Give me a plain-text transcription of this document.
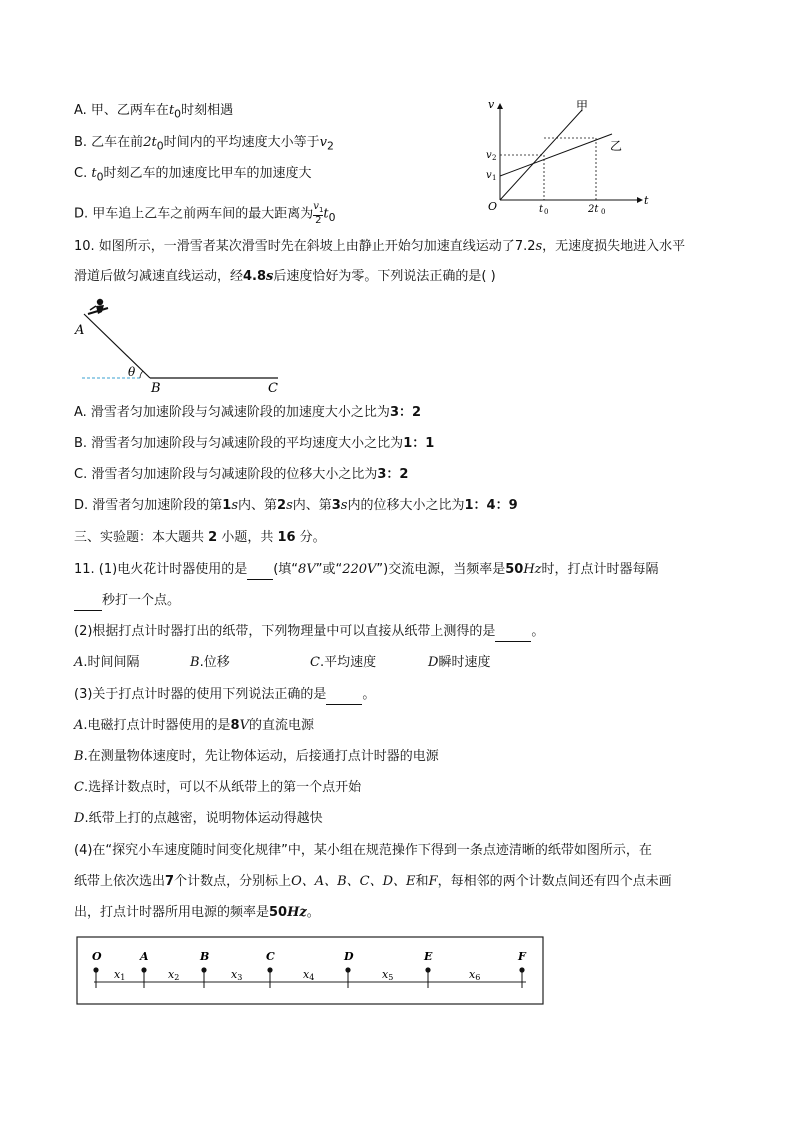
A. 甲、乙两车在$t_0$时刻相遇
B. 乙车在前$2t_0$时间内的平均速度大小等于$v_2$
C. $t_0$时刻乙车的加速度比甲车的加速度大
D. 甲车追上乙车之前两车间的最大距离为 $\frac{v_1}{2} t_0$
v
t
O
甲
乙
v 2
v 1
t 0	2t 0
10. 如图所示，一滑雪者某次滑雪时先在斜坡上由静止开始匀加速直线运动了7.2s，无速度损失地进入水平
滑道后做匀减速直线运动，经4.8s后速度恰好为零。下列说法正确的是( )
A
B	C
θ
A. 滑雪者匀加速阶段与匀减速阶段的加速度大小之比为3：2
B. 滑雪者匀加速阶段与匀减速阶段的平均速度大小之比为1：1
C. 滑雪者匀加速阶段与匀减速阶段的位移大小之比为3：2
D. 滑雪者匀加速阶段的第1s内、第2s内、第3s内的位移大小之比为1：4：9
三、实验题：本大题共 2 小题，共 16 分。
11. (1)电火花计时器使用的是 (填“8V”或“220V”)交流电源，当频率是50Hz时，打点计时器每隔
秒打一个点。
(2)根据打点计时器打出的纸带，下列物理量中可以直接从纸带上测得的是	。
A.时间间隔	B.位移	C.平均速度	D瞬时速度
(3)关于打点计时器的使用下列说法正确的是	。
A.电磁打点计时器使用的是8V的直流电源
B.在测量物体速度时，先让物体运动，后接通打点计时器的电源
C.选择计数点时，可以不从纸带上的第一个点开始
D.纸带上打的点越密，说明物体运动得越快
(4)在“探究小车速度随时间变化规律”中，某小组在规范操作下得到一条点迹清晰的纸带如图所示，在
纸带上依次选出7个计数点，分别标上O、A、B、C、D、E和F，每相邻的两个计数点间还有四个点未画
出，打点计时器所用电源的频率是50Hz。
O	A	B	C	D	E	F
x1	x2	x3	x4	x5	x6
